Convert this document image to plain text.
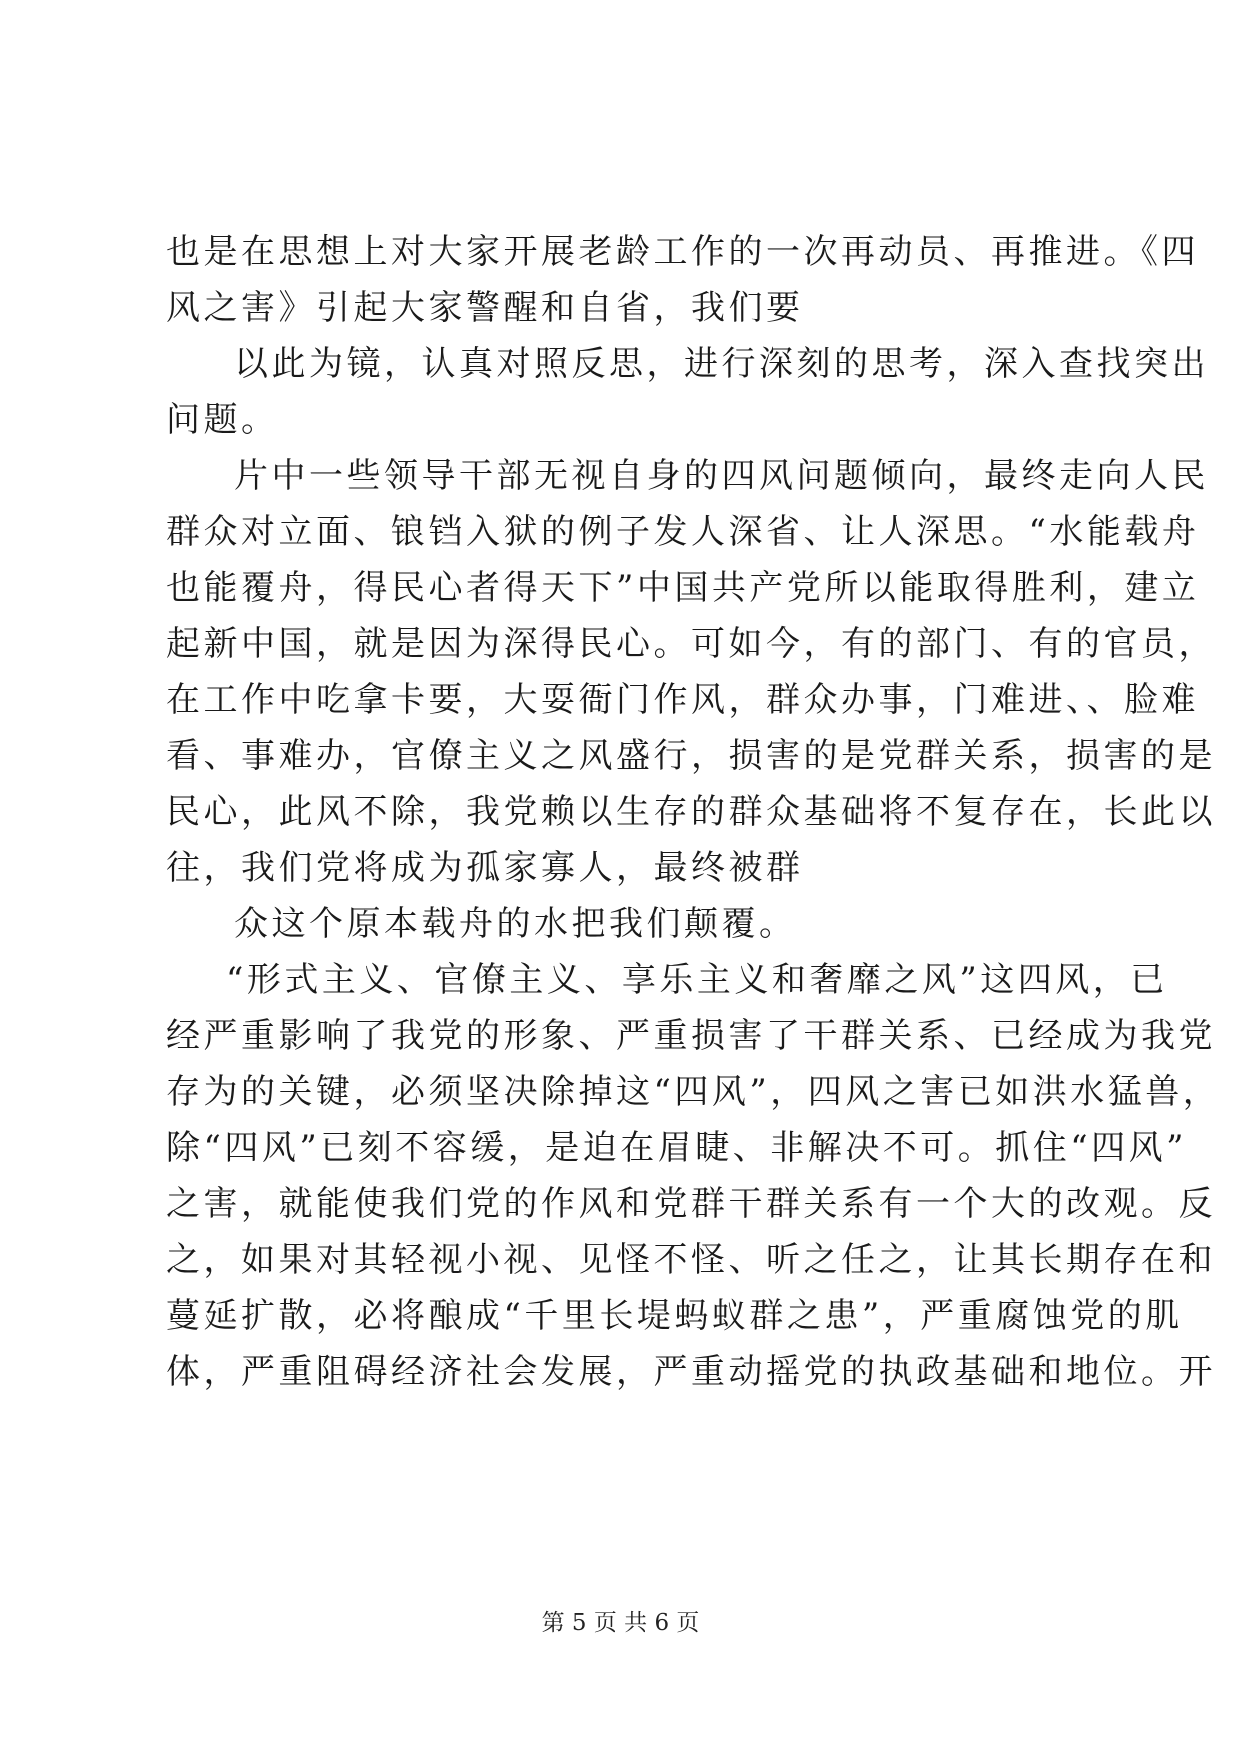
也是在思想上对大家开展老龄工作的一次再动员、再推进。《四
风之害》引起大家警醒和自省，我们要
以此为镜，认真对照反思，进行深刻的思考，深入查找突出
问题。
片中一些领导干部无视自身的四风问题倾向，最终走向人民
群众对立面、锒铛入狱的例子发人深省、让人深思。“水能载舟
也能覆舟，得民心者得天下”中国共产党所以能取得胜利，建立
起新中国，就是因为深得民心。可如今，有的部门、有的官员，
在工作中吃拿卡要，大耍衙门作风，群众办事，门难进、、脸难
看、事难办，官僚主义之风盛行，损害的是党群关系，损害的是
民心，此风不除，我党赖以生存的群众基础将不复存在，长此以
往，我们党将成为孤家寡人，最终被群
众这个原本载舟的水把我们颠覆。
“形式主义、官僚主义、享乐主义和奢靡之风”这四风，已
经严重影响了我党的形象、严重损害了干群关系、已经成为我党
存为的关键，必须坚决除掉这“四风”，四风之害已如洪水猛兽，
除“四风”已刻不容缓，是迫在眉睫、非解决不可。抓住“四风”
之害，就能使我们党的作风和党群干群关系有一个大的改观。反
之，如果对其轻视小视、见怪不怪、听之任之，让其长期存在和
蔓延扩散，必将酿成“千里长堤蚂蚁群之患”，严重腐蚀党的肌
体，严重阻碍经济社会发展，严重动摇党的执政基础和地位。开
第 5 页 共 6 页
